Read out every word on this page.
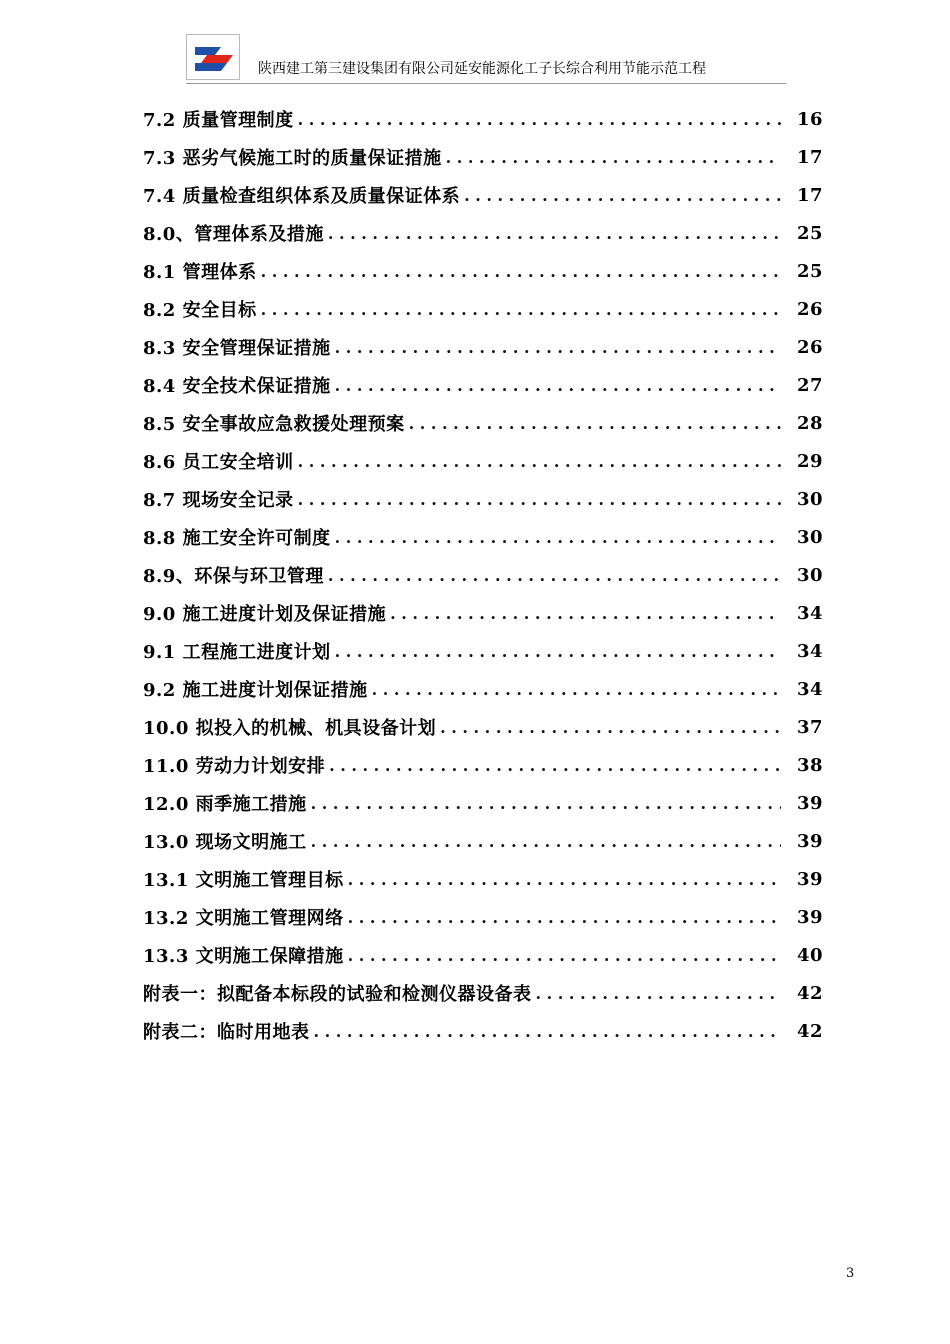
陕西建工第三建设集团有限公司延安能源化工子长综合利用节能示范工程
7.2 质量管理制度 . . .	16
7.3 恶劣气候施工时的质量保证措施 . . .	17
7.4 质量检查组织体系及质量保证体系 . . .	17
8.0、管理体系及措施 . . .	25
8.1 管理体系 . . .	25
8.2 安全目标 . . .	26
8.3 安全管理保证措施 . . .	26
8.4 安全技术保证措施 . . .	27
8.5 安全事故应急救援处理预案 . . .	28
8.6 员工安全培训 . . .	29
8.7 现场安全记录 . . .	30
8.8 施工安全许可制度 . . .	30
8.9、环保与环卫管理 . . .	30
9.0 施工进度计划及保证措施 . . .	34
9.1 工程施工进度计划 . . .	34
9.2 施工进度计划保证措施 . . .	34
10.0 拟投入的机械、机具设备计划 . . .	37
11.0 劳动力计划安排 . . .	38
12.0 雨季施工措施 . . .	39
13.0 现场文明施工 . . .	39
13.1 文明施工管理目标 . . .	39
13.2 文明施工管理网络 . . .	39
13.3 文明施工保障措施 . . .	40
附表一：拟配备本标段的试验和检测仪器设备表 . . .	42
附表二：临时用地表 . . .	42
3
